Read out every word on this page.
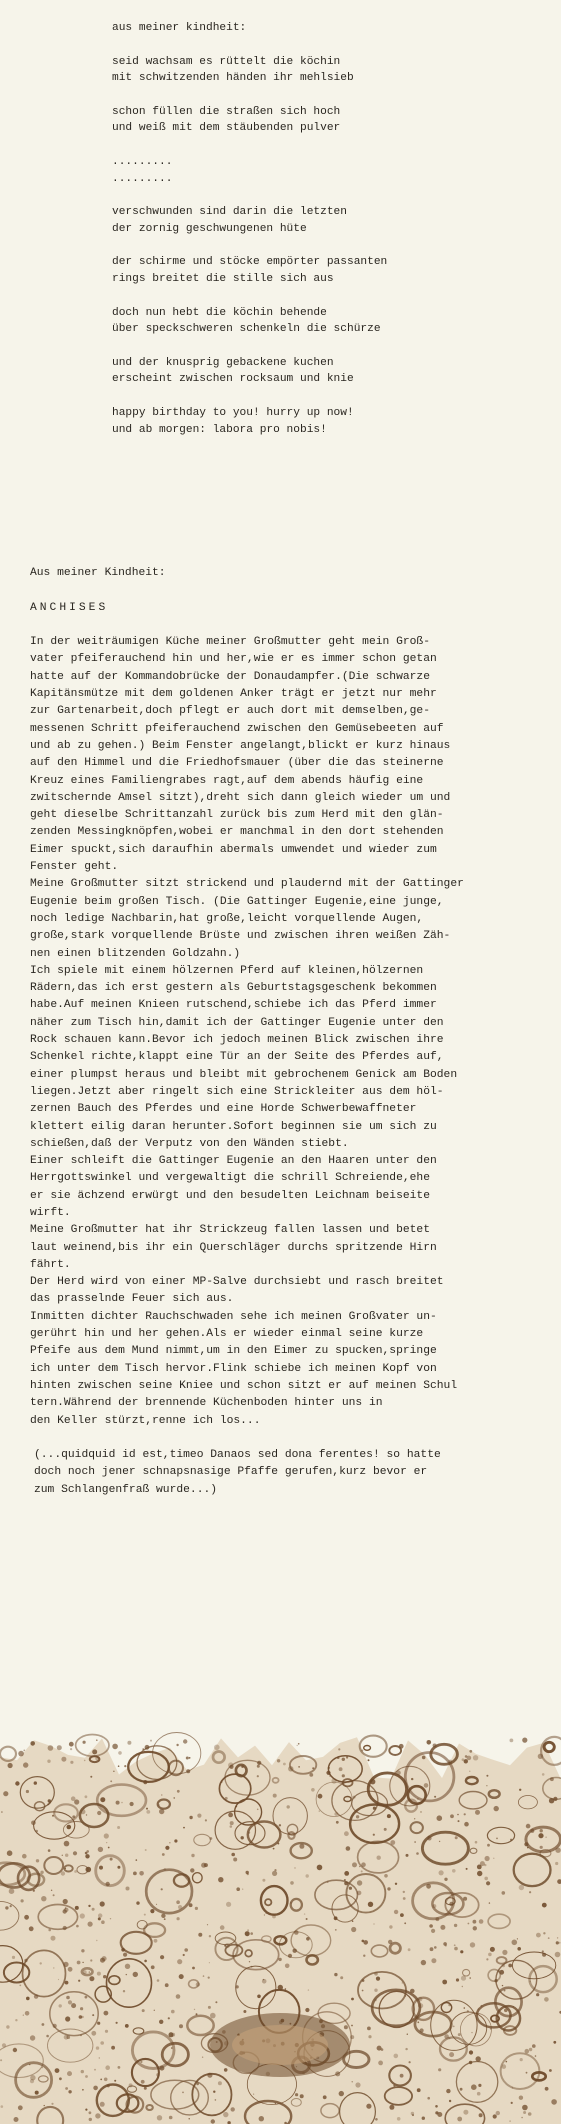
aus meiner kindheit:
seid wachsam es rüttelt die köchin
mit schwitzenden händen ihr mehlsieb
schon füllen die straßen sich hoch
und weiß mit dem stäubenden pulver
.........
.........
verschwunden sind darin die letzten
der zornig geschwungenen hüte
der schirme und stöcke empörter passanten
rings breitet die stille sich aus
doch nun hebt die köchin behende
über speckschweren schenkeln die schürze
und der knusprig gebackene kuchen
erscheint zwischen rocksaum und knie
happy birthday to you! hurry up now!
und ab morgen: labora pro nobis!
Aus meiner Kindheit:
ANCHISES
In der weiträumigen Küche meiner Großmutter geht mein Groß-
vater pfeiferauchend hin und her,wie er es immer schon getan
hatte auf der Kommandobrücke der Donaudampfer.(Die schwarze
Kapitänsmütze mit dem goldenen Anker trägt er jetzt nur mehr
zur Gartenarbeit,doch pflegt er auch dort mit demselben,ge-
messenen Schritt pfeiferauchend zwischen den Gemüsebeeten auf
und ab zu gehen.) Beim Fenster angelangt,blickt er kurz hinaus
auf den Himmel und die Friedhofsmauer (über die das steinerne
Kreuz eines Familiengrabes ragt,auf dem abends häufig eine
zwitschernde Amsel sitzt),dreht sich dann gleich wieder um und
geht dieselbe Schrittanzahl zurück bis zum Herd mit den glän-
zenden Messingknöpfen,wobei er manchmal in den dort stehenden
Eimer spuckt,sich daraufhin abermals umwendet und wieder zum
Fenster geht.
Meine Großmutter sitzt strickend und plaudernd mit der Gattinger
Eugenie beim großen Tisch. (Die Gattinger Eugenie,eine junge,
noch ledige Nachbarin,hat große,leicht vorquellende Augen,
große,stark vorquellende Brüste und zwischen ihren weißen Zäh-
nen einen blitzenden Goldzahn.)
Ich spiele mit einem hölzernen Pferd auf kleinen,hölzernen
Rädern,das ich erst gestern als Geburtstagsgeschenk bekommen
habe.Auf meinen Knieen rutschend,schiebe ich das Pferd immer
näher zum Tisch hin,damit ich der Gattinger Eugenie unter den
Rock schauen kann.Bevor ich jedoch meinen Blick zwischen ihre
Schenkel richte,klappt eine Tür an der Seite des Pferdes auf,
einer plumpst heraus und bleibt mit gebrochenem Genick am Boden
liegen.Jetzt aber ringelt sich eine Strickleiter aus dem höl-
zernen Bauch des Pferdes und eine Horde Schwerbewaffneter
klettert eilig daran herunter.Sofort beginnen sie um sich zu
schießen,daß der Verputz von den Wänden stiebt.
Einer schleift die Gattinger Eugenie an den Haaren unter den
Herrgottswinkel und vergewaltigt die schrill Schreiende,ehe
er sie ächzend erwürgt und den besudelten Leichnam beiseite
wirft.
Meine Großmutter hat ihr Strickzeug fallen lassen und betet
laut weinend,bis ihr ein Querschläger durchs spritzende Hirn
fährt.
Der Herd wird von einer MP-Salve durchsiebt und rasch breitet
das prasselnde Feuer sich aus.
Inmitten dichter Rauchschwaden sehe ich meinen Großvater un-
gerührt hin und her gehen.Als er wieder einmal seine kurze
Pfeife aus dem Mund nimmt,um in den Eimer zu spucken,springe
ich unter dem Tisch hervor.Flink schiebe ich meinen Kopf von
hinten zwischen seine Kniee und schon sitzt er auf meinen Schul
tern.Während der brennende Küchenboden hinter uns in
den Keller stürzt,renne ich los...
(...quidquid id est,timeo Danaos sed dona ferentes! so hatte
doch noch jener schnapsnasige Pfaffe gerufen,kurz bevor er
zum Schlangenfraß wurde...)
